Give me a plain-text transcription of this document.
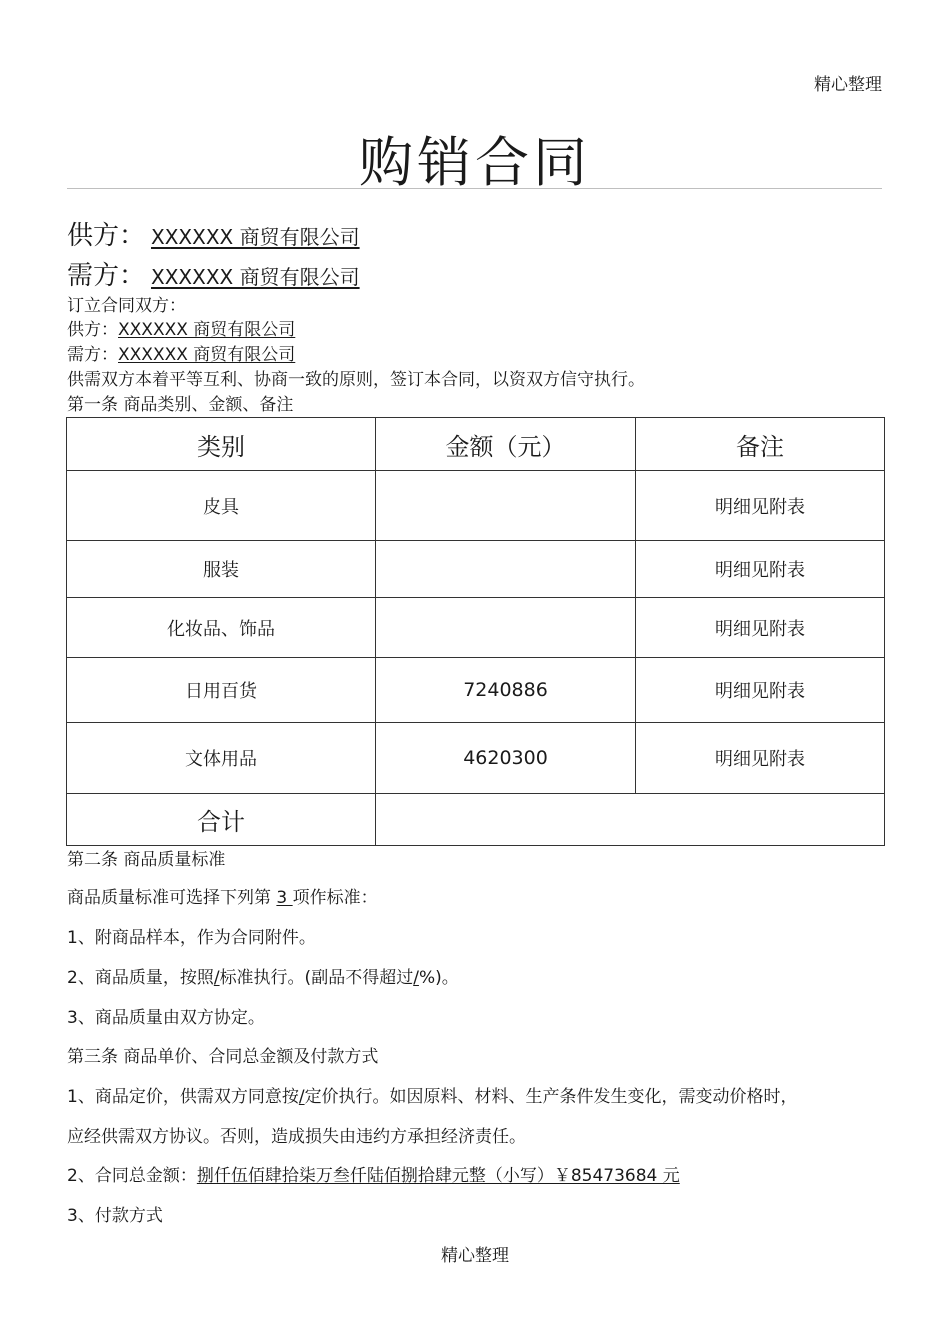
精心整理
购销合同
供方： XXXXXX 商贸有限公司
需方： XXXXXX 商贸有限公司
订立合同双方：
供方：XXXXXX 商贸有限公司
需方：XXXXXX 商贸有限公司
供需双方本着平等互利、协商一致的原则，签订本合同，以资双方信守执行。
第一条 商品类别、金额、备注
类别	金额（元）	备注
皮具		明细见附表
服装		明细见附表
化妆品、饰品		明细见附表
日用百货	7240886	明细见附表
文体用品	4620300	明细见附表
合计		
第二条 商品质量标准
商品质量标准可选择下列第 3 项作标准：
1、附商品样本，作为合同附件。
2、商品质量，按照/标准执行。(副品不得超过/%)。
3、商品质量由双方协定。
第三条 商品单价、合同总金额及付款方式
1、商品定价，供需双方同意按/定价执行。如因原料、材料、生产条件发生变化，需变动价格时，
应经供需双方协议。否则，造成损失由违约方承担经济责任。
2、合同总金额：捌仟伍佰肆拾柒万叁仟陆佰捌拾肆元整（小写）￥85473684 元
3、付款方式
精心整理
